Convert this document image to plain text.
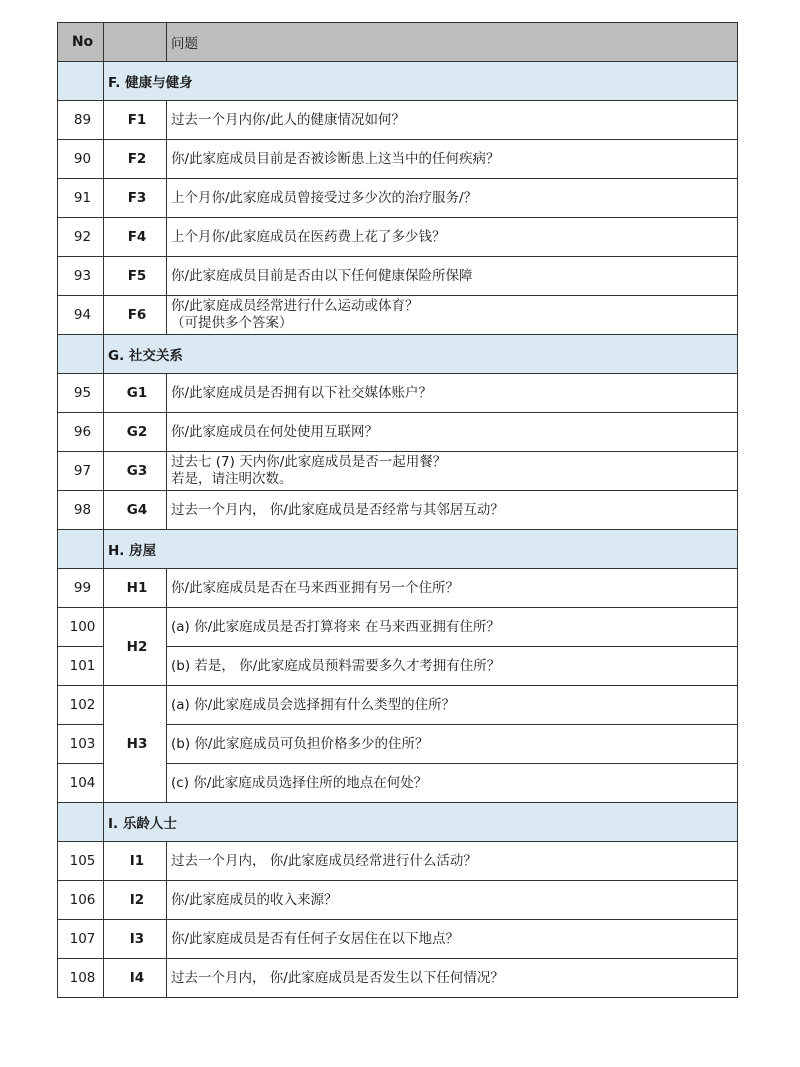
No		问题
	F. 健康与健身	
89	F1	过去一个月内你/此人的健康情况如何？

90	F2	你/此家庭成员目前是否被诊断患上这当中的任何疾病？

91	F3	上个月你/此家庭成员曾接受过多少次的治疗服务/？

92	F4	上个月你/此家庭成员在医药费上花了多少钱？

93	F5	你/此家庭成员目前是否由以下任何健康保险所保障

94	F6	你/此家庭成员经常进行什么运动或体育？
（可提供多个答案）

	G. 社交关系	
95	G1	你/此家庭成员是否拥有以下社交媒体账户？

96	G2	你/此家庭成员在何处使用互联网？

97	G3	过去七 (7) 天内你/此家庭成员是否一起用餐？
若是，请注明次数。

98	G4	过去一个月内， 你/此家庭成员是否经常与其邻居互动？

	H. 房屋	
99	H1	你/此家庭成员是否在马来西亚拥有另一个住所？

100	H2	(a) 你/此家庭成员是否打算将来 在马来西亚拥有住所？

101		(b) 若是， 你/此家庭成员预料需要多久才考拥有住所？

102	H3	(a) 你/此家庭成员会选择拥有什么类型的住所？

103		(b) 你/此家庭成员可负担价格多少的住所？

104		(c) 你/此家庭成员选择住所的地点在何处？

	I. 乐龄人士	
105	I1	过去一个月内， 你/此家庭成员经常进行什么活动？

106	I2	你/此家庭成员的收入来源？

107	I3	你/此家庭成员是否有任何子女居住在以下地点？

108	I4	过去一个月内， 你/此家庭成员是否发生以下任何情况？
